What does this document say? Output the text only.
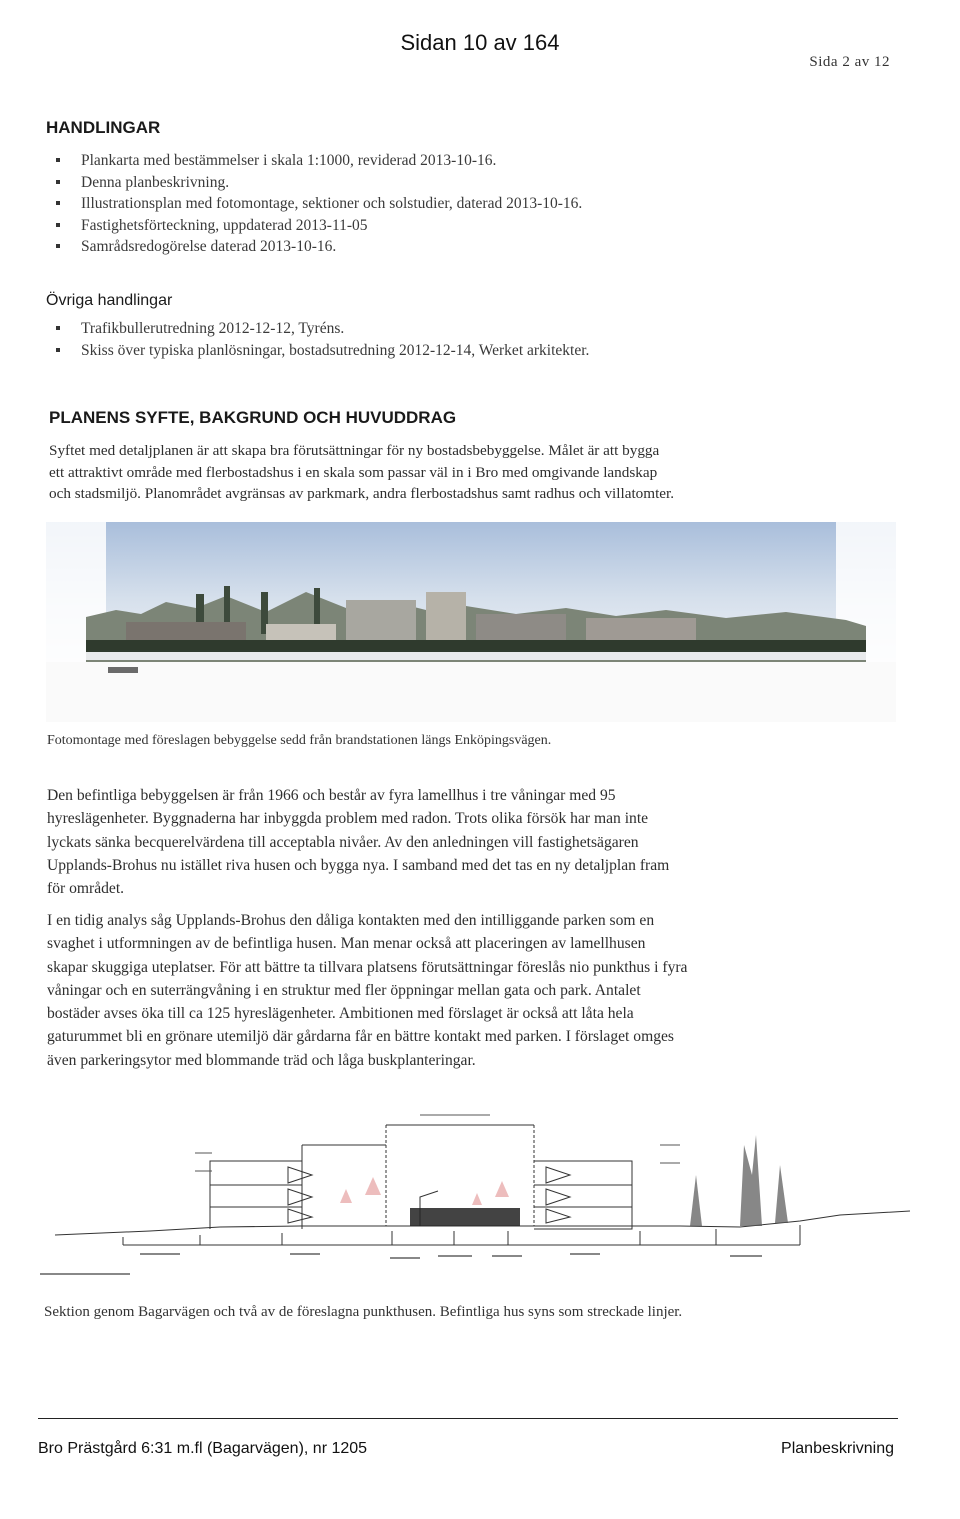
Sidan 10 av 164
Sida 2 av 12
HANDLINGAR
Plankarta med bestämmelser i skala 1:1000, reviderad 2013-10-16.
Denna planbeskrivning.
Illustrationsplan med fotomontage, sektioner och solstudier, daterad 2013-10-16.
Fastighetsförteckning, uppdaterad 2013-11-05
Samrådsredogörelse daterad 2013-10-16.
Övriga handlingar
Trafikbullerutredning 2012-12-12, Tyréns.
Skiss över typiska planlösningar, bostadsutredning 2012-12-14, Werket arkitekter.
PLANENS SYFTE, BAKGRUND OCH HUVUDDRAG
Syftet med detaljplanen är att skapa bra förutsättningar för ny bostadsbebyggelse. Målet är att bygga
ett attraktivt område med flerbostadshus i en skala som passar väl in i Bro med omgivande landskap
och stadsmiljö. Planområdet avgränsas av parkmark, andra flerbostadshus samt radhus och villatomter.
Fotomontage med föreslagen bebyggelse sedd från brandstationen längs Enköpingsvägen.
Den befintliga bebyggelsen är från 1966 och består av fyra lamellhus i tre våningar med 95
hyreslägenheter. Byggnaderna har inbyggda problem med radon. Trots olika försök har man inte
lyckats sänka becquerelvärdena till acceptabla nivåer. Av den anledningen vill fastighetsägaren
Upplands-Brohus nu istället riva husen och bygga nya. I samband med det tas en ny detaljplan fram
för området.
I en tidig analys såg Upplands-Brohus den dåliga kontakten med den intilliggande parken som en
svaghet i utformningen av de befintliga husen. Man menar också att placeringen av lamellhusen
skapar skuggiga uteplatser. För att bättre ta tillvara platsens förutsättningar föreslås nio punkthus i fyra
våningar och en suterrängvåning i en struktur med fler öppningar mellan gata och park. Antalet
bostäder avses öka till ca 125 hyreslägenheter. Ambitionen med förslaget är också att låta hela
gaturummet bli en grönare utemiljö där gårdarna får en bättre kontakt med parken. I förslaget omges
även parkeringsytor med blommande träd och låga buskplanteringar.
Sektion genom Bagarvägen och två av de föreslagna punkthusen. Befintliga hus syns som streckade linjer.
Bro Prästgård 6:31 m.fl (Bagarvägen), nr 1205	Planbeskrivning
